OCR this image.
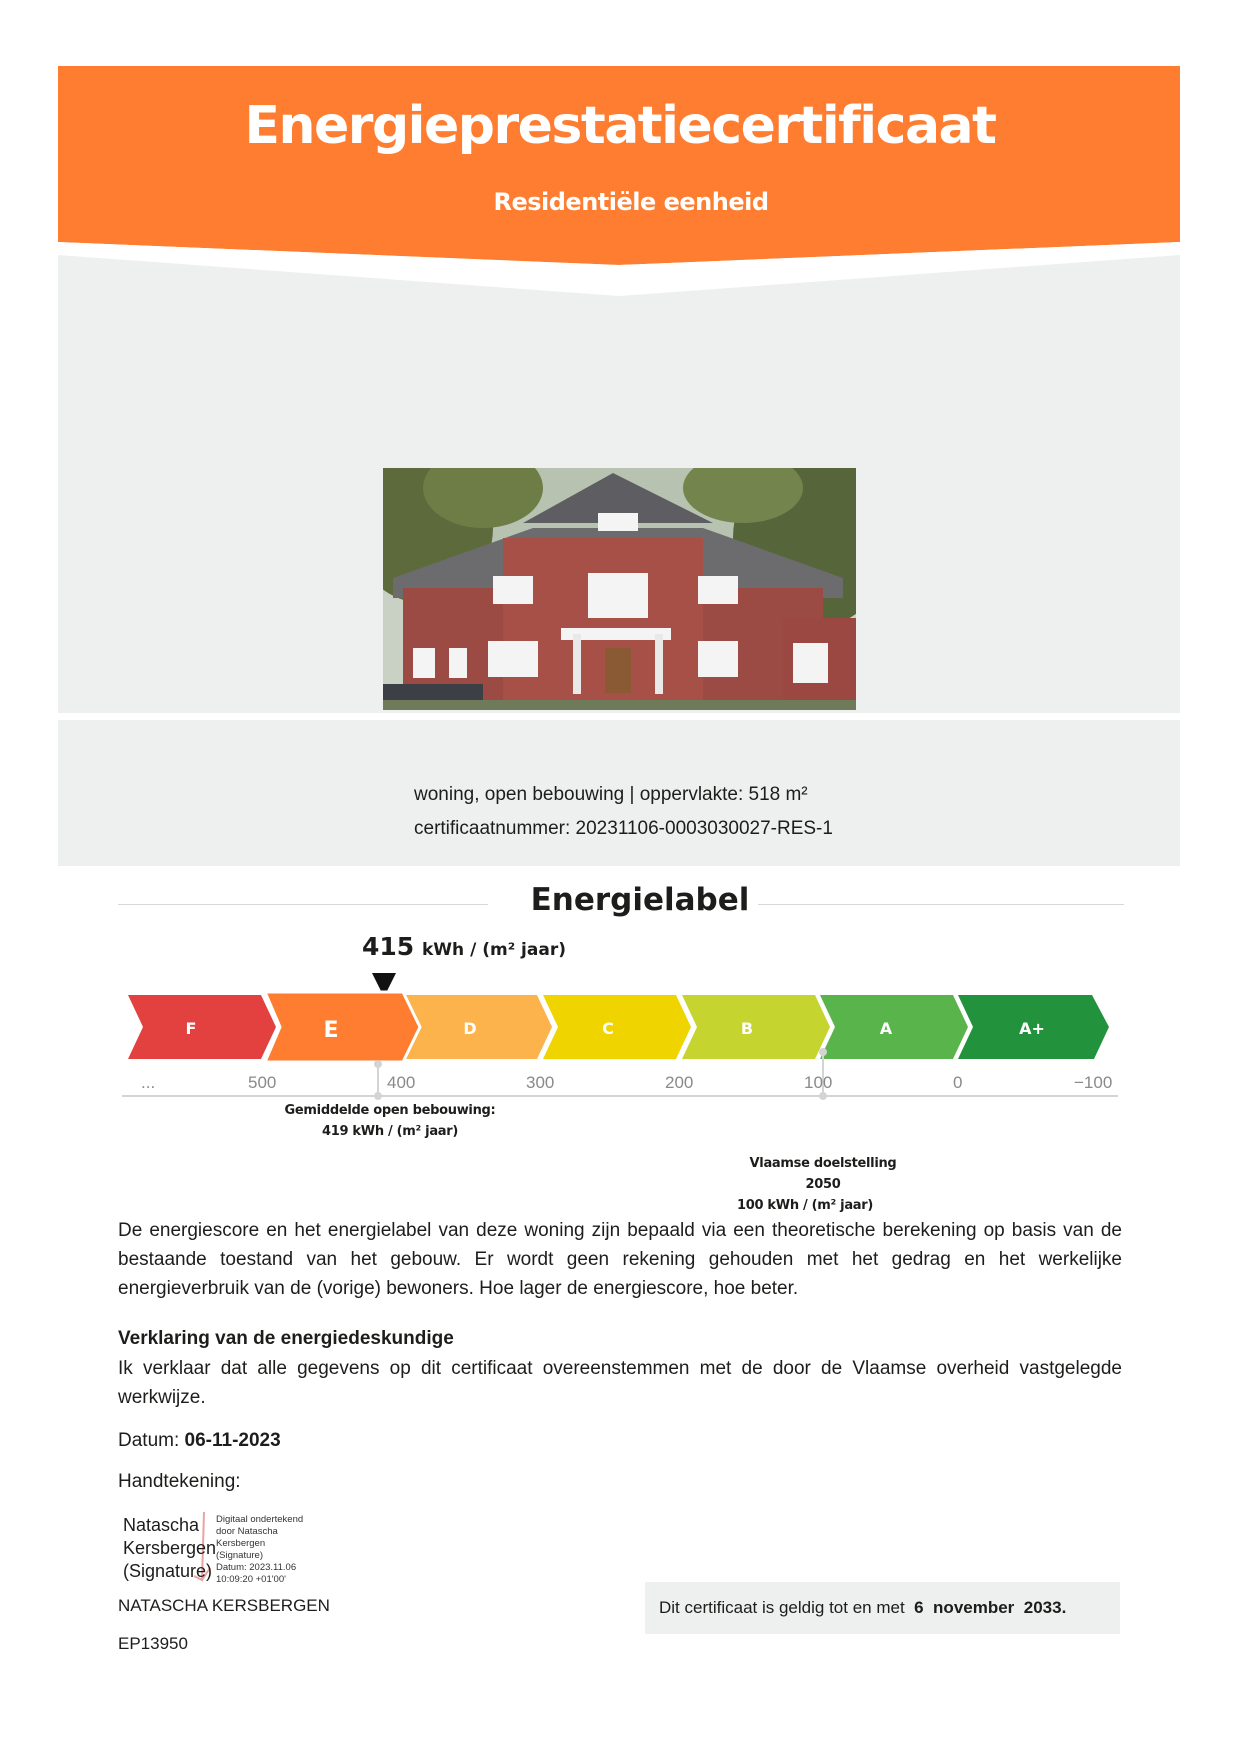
Energieprestatiecertificaat
Residentiële eenheid
woning, open bebouwing | oppervlakte: 518 m²
certificaatnummer: 20231106-0003030027-RES-1
Energielabel
415 kWh / (m² jaar)
F	C	B	A	A+
D
E
...	500	400	300	200	100	0	−100
Gemiddelde open bebouwing:
419 kWh / (m² jaar)
Vlaamse doelstelling 2050
100 kWh / (m² jaar)

De energiescore en het energielabel van deze woning zijn bepaald via een theoretische berekening op basis van de bestaande toestand van het gebouw. Er wordt geen rekening gehouden met het gedrag en het werkelijke energieverbruik van de (vorige) bewoners. Hoe lager de energiescore, hoe beter.

Verklaring van de energiedeskundige

Ik verklaar dat alle gegevens op dit certificaat overeenstemmen met de door de Vlaamse overheid vastgelegde werkwijze.

Datum: 06-11-2023
Handtekening:
Natascha
Kersbergen
(Signature)
Digitaal ondertekend
door Natascha
Kersbergen
(Signature)
Datum: 2023.11.06
10:09:20 +01'00'
NATASCHA KERSBERGEN
EP13950
Dit certificaat is geldig tot en met 6 november 2033.
